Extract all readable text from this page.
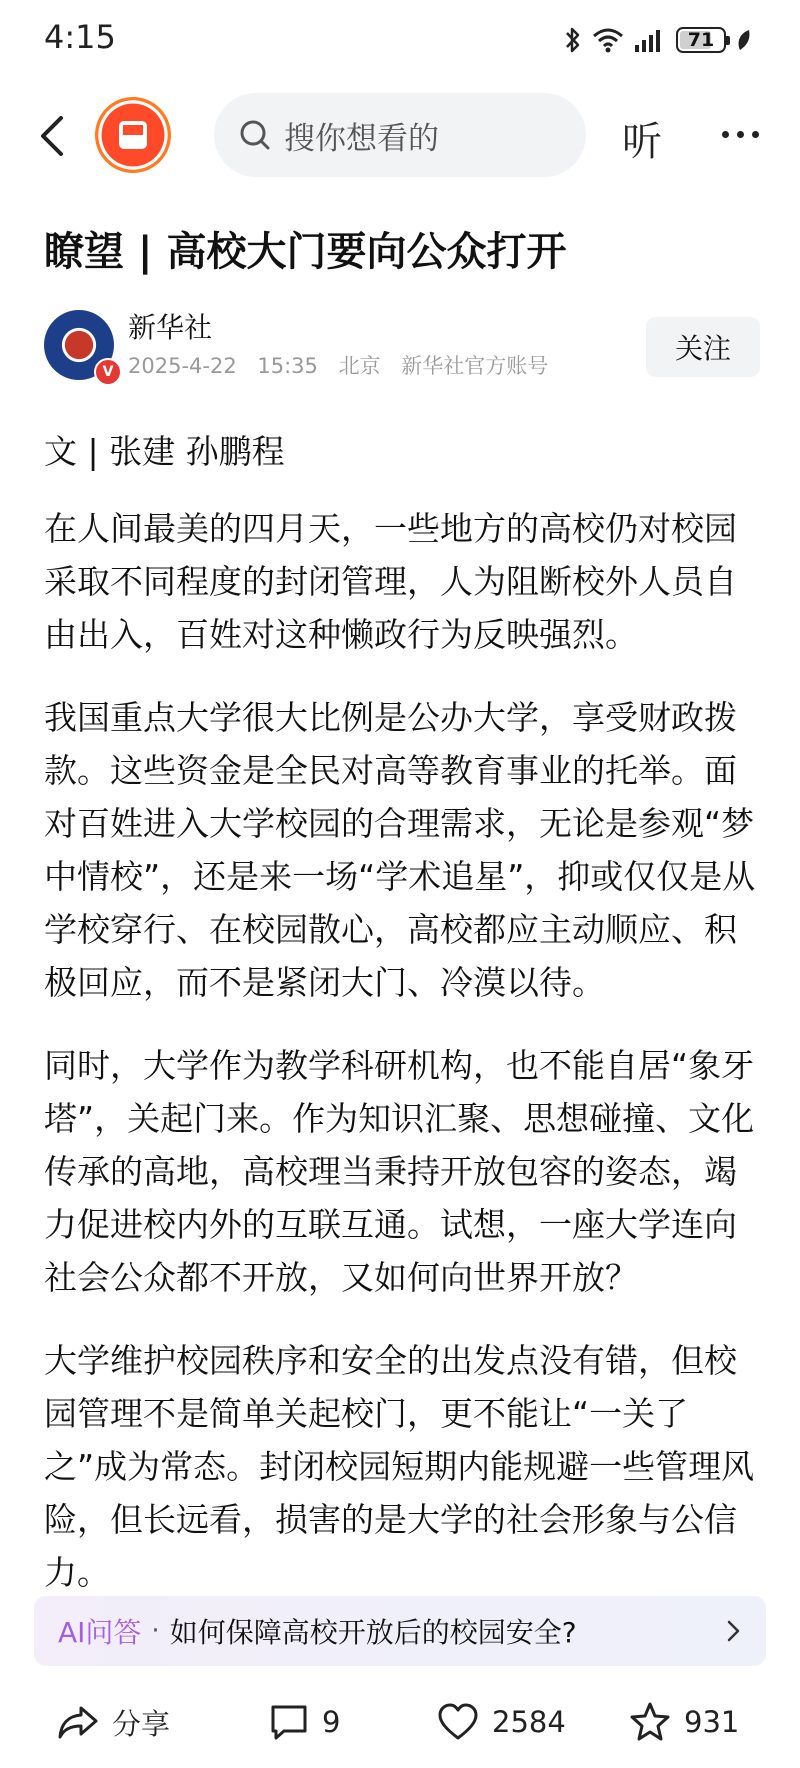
4:15	71
搜你想看的	听
瞭望 | 高校大门要向公众打开
V
新华社
2025-4-22 15:35 北京 新华社官方账号
关注

文 | 张建 孙鹏程

在人间最美的四月天，一些地方的高校仍对校园采取不同程度的封闭管理，人为阻断校外人员自由出入，百姓对这种懒政行为反映强烈。

我国重点大学很大比例是公办大学，享受财政拨款。这些资金是全民对高等教育事业的托举。面对百姓进入大学校园的合理需求，无论是参观“梦中情校”，还是来一场“学术追星”，抑或仅仅是从学校穿行、在校园散心，高校都应主动顺应、积极回应，而不是紧闭大门、冷漠以待。

同时，大学作为教学科研机构，也不能自居“象牙塔”，关起门来。作为知识汇聚、思想碰撞、文化传承的高地，高校理当秉持开放包容的姿态，竭力促进校内外的互联互通。试想，一座大学连向社会公众都不开放，又如何向世界开放？

大学维护校园秩序和安全的出发点没有错，但校园管理不是简单关起校门，更不能让“一关了之”成为常态。封闭校园短期内能规避一些管理风险，但长远看，损害的是大学的社会形象与公信力。

AI问答 · 如何保障高校开放后的校园安全?
分享	9	2584	931
